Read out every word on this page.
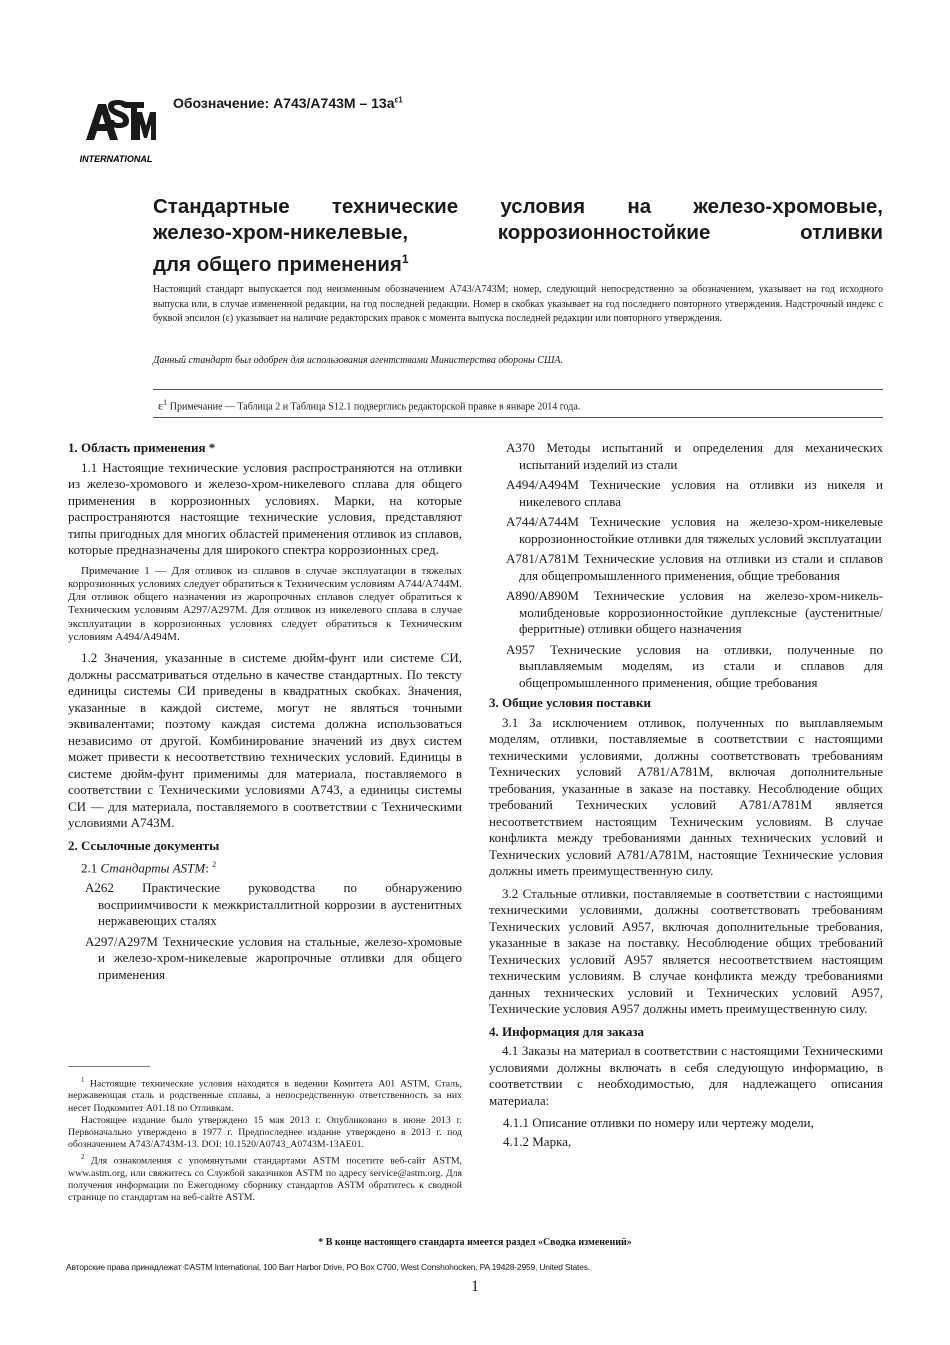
INTERNATIONAL
Обозначение: $A743/A743M - 13a^{\varepsilon 1}$
Стандартные технические условия на железо-хромовые,
железо-хром-никелевые, коррозионностойкие отливки
для общего применения$^1$

Настоящий стандарт выпускается под неизменным обозначением A743/A743M; номер, следующий непосредственно за обозначением, указывает на год исходного выпуска или, в случае измененной редакции, на год последней редакции. Номер в скобках указывает на год последнего повторного утверждения. Надстрочный индекс с буквой эпсилон (ε) указывает на наличие редакторских правок с момента выпуска последней редакции или повторного утверждения.

Данный стандарт был одобрен для использования агентствами Министерства обороны США.

$\varepsilon^1$ Примечание — Таблица 2 и Таблица S12.1 подверглись редакторской правке в январе 2014 года.
1. Область применения *

1.1 Настоящие технические условия распространяются на отливки из железо-хромового и железо-хром-никелевого сплава для общего применения в коррозионных условиях. Марки, на которые распространяются настоящие технические условия, представляют типы пригодных для многих областей применения отливок из сплавов, которые предназначены для широкого спектра коррозионных сред.

Примечание 1 — Для отливок из сплавов в случае эксплуатации в тяжелых коррозионных условиях следует обратиться к Техническим условиям A744/A744M. Для отливок общего назначения из жаропрочных сплавов следует обратиться к Техническим условиям A297/A297M. Для отливок из никелевого сплава в случае эксплуатации в коррозионных условиях следует обратиться к Техническим условиям A494/A494M.

1.2 Значения, указанные в системе дюйм-фунт или системе СИ, должны рассматриваться отдельно в качестве стандартных. По тексту единицы системы СИ приведены в квадратных скобках. Значения, указанные в каждой системе, могут не являться точными эквивалентами; поэтому каждая система должна использоваться независимо от другой. Комбинирование значений из двух систем может привести к несоответствию технических условий. Единицы в системе дюйм-фунт применимы для материала, поставляемого в соответствии с Техническими условиями A743, а единицы системы СИ — для материала, поставляемого в соответствии с Техническими условиями A743M.

2. Ссылочные документы

2.1 Стандарты ASTM: $^2$

A262 Практические руководства по обнаружению восприимчивости к межкристаллитной коррозии в аустенитных нержавеющих сталях

A297/A297M Технические условия на стальные, железо-хромовые и железо-хром-никелевые жаропрочные отливки для общего применения

$^1$ Настоящие технические условия находятся в ведении Комитета A01 ASTM, Сталь, нержавеющая сталь и родственные сплавы, а непосредственную ответственность за них несет Подкомитет A01.18 по Отливкам.

Настоящее издание было утверждено 15 мая 2013 г. Опубликовано в июне 2013 г. Первоначально утверждено в 1977 г. Предпоследнее издание утверждено в 2013 г. под обозначением A743/A743M-13. DOI: 10.1520/A0743_A0743M-13AE01.

$^2$ Для ознакомления с упомянутыми стандартами ASTM посетите веб-сайт ASTM, www.astm.org, или свяжитесь со Службой заказчиков ASTM по адресу service@astm.org. Для получения информации по Ежегодному сборнику стандартов ASTM обратитесь к сводной странице по стандартам на веб-сайте ASTM.

A370 Методы испытаний и определения для механических испытаний изделий из стали

A494/A494M Технические условия на отливки из никеля и никелевого сплава

A744/A744M Технические условия на железо-хром-никелевые коррозионностойкие отливки для тяжелых условий эксплуатации

A781/A781M Технические условия на отливки из стали и сплавов для общепромышленного применения, общие требования

A890/A890M Технические условия на железо-хром-никель-молибденовые коррозионностойкие дуплексные (аустенитные/ферритные) отливки общего назначения

A957 Технические условия на отливки, полученные по выплавляемым моделям, из стали и сплавов для общепромышленного применения, общие требования

3. Общие условия поставки

3.1 За исключением отливок, полученных по выплавляемым моделям, отливки, поставляемые в соответствии с настоящими техническими условиями, должны соответствовать требованиям Технических условий A781/A781M, включая дополнительные требования, указанные в заказе на поставку. Несоблюдение общих требований Технических условий A781/A781M является несоответствием настоящим Техническим условиям. В случае конфликта между требованиями данных технических условий и Технических условий A781/A781M, настоящие Технические условия должны иметь преимущественную силу.

3.2 Стальные отливки, поставляемые в соответствии с настоящими техническими условиями, должны соответствовать требованиям Технических условий A957, включая дополнительные требования, указанные в заказе на поставку. Несоблюдение общих требований Технических условий A957 является несоответствием настоящим техническим условиям. В случае конфликта между требованиями данных технических условий и Технических условий A957, Технические условия A957 должны иметь преимущественную силу.

4. Информация для заказа

4.1 Заказы на материал в соответствии с настоящими Техническими условиями должны включать в себя следующую информацию, в соответствии с необходимостью, для надлежащего описания материала:

4.1.1 Описание отливки по номеру или чертежу модели,

4.1.2 Марка,

* В конце настоящего стандарта имеется раздел «Сводка изменений»
Авторские права принадлежат ©ASTM International, 100 Barr Harbor Drive, PO Box C700, West Conshohocken, PA 19428-2959, United States.
1
